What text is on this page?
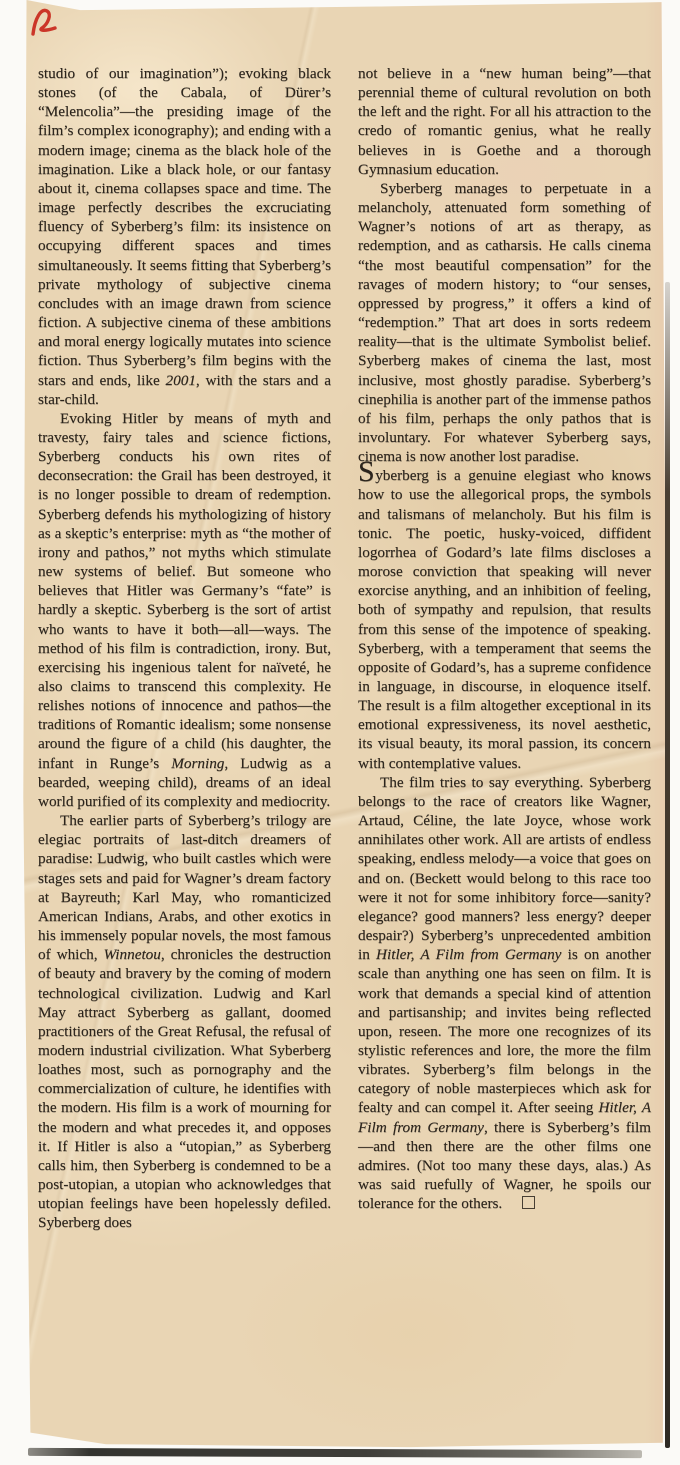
studio of our imagination”); evoking black stones (of the Cabala, of Dürer’s “Melencolia”—the presiding image of the film’s complex iconography); and ending with a modern image; cinema as the black hole of the imagination. Like a black hole, or our fantasy about it, cinema collapses space and time. The image perfectly describes the excruciating fluency of Syberberg’s film: its insistence on occupying different spaces and times simultaneously. It seems fitting that Syberberg’s private mythology of subjective cinema concludes with an image drawn from science fiction. A subjective cinema of these ambitions and moral energy logically mutates into science fiction. Thus Syberberg’s film begins with the stars and ends, like 2001, with the stars and a star-child.

Evoking Hitler by means of myth and travesty, fairy tales and science fictions, Syberberg conducts his own rites of deconsecration: the Grail has been destroyed, it is no longer possible to dream of redemption. Syberberg defends his mythologizing of history as a skeptic’s enterprise: myth as “the mother of irony and pathos,” not myths which stimulate new systems of belief. But someone who believes that Hitler was Germany’s “fate” is hardly a skeptic. Syberberg is the sort of artist who wants to have it both—all—ways. The method of his film is contradiction, irony. But, exercising his ingenious talent for naïveté, he also claims to transcend this complexity. He relishes notions of innocence and pathos—the traditions of Romantic idealism; some nonsense around the figure of a child (his daughter, the infant in Runge’s Morning, Ludwig as a bearded, weeping child), dreams of an ideal world purified of its complexity and mediocrity.

The earlier parts of Syberberg’s trilogy are elegiac portraits of last-ditch dreamers of paradise: Ludwig, who built castles which were stages sets and paid for Wagner’s dream factory at Bayreuth; Karl May, who romanticized American Indians, Arabs, and other exotics in his immensely popular novels, the most famous of which, Winnetou, chronicles the destruction of beauty and bravery by the coming of modern technological civilization. Ludwig and Karl May attract Syberberg as gallant, doomed practitioners of the Great Refusal, the refusal of modern industrial civilization. What Syberberg loathes most, such as pornography and the commercialization of culture, he identifies with the modern. His film is a work of mourning for the modern and what precedes it, and opposes it. If Hitler is also a “utopian,” as Syberberg calls him, then Syberberg is condemned to be a post-utopian, a utopian who acknowledges that utopian feelings have been hopelessly defiled. Syberberg does

not believe in a “new human being”—that perennial theme of cultural revolution on both the left and the right. For all his attraction to the credo of romantic genius, what he really believes in is Goethe and a thorough Gymnasium education.

Syberberg manages to perpetuate in a melancholy, attenuated form something of Wagner’s notions of art as therapy, as redemption, and as catharsis. He calls cinema “the most beautiful compensation” for the ravages of modern history; to “our senses, oppressed by progress,” it offers a kind of “redemption.” That art does in sorts redeem reality—that is the ultimate Symbolist belief. Syberberg makes of cinema the last, most inclusive, most ghostly paradise. Syberberg’s cinephilia is another part of the immense pathos of his film, perhaps the only pathos that is involuntary. For whatever Syberberg says, cinema is now another lost paradise.

Syberberg is a genuine elegiast who knows how to use the allegorical props, the symbols and talismans of melancholy. But his film is tonic. The poetic, husky-voiced, diffident logorrhea of Godard’s late films discloses a morose conviction that speaking will never exorcise anything, and an inhibition of feeling, both of sympathy and repulsion, that results from this sense of the impotence of speaking. Syberberg, with a temperament that seems the opposite of Godard’s, has a supreme confidence in language, in discourse, in eloquence itself. The result is a film altogether exceptional in its emotional expressiveness, its novel aesthetic, its visual beauty, its moral passion, its concern with contemplative values.

The film tries to say everything. Syberberg belongs to the race of creators like Wagner, Artaud, Céline, the late Joyce, whose work annihilates other work. All are artists of endless speaking, endless melody—a voice that goes on and on. (Beckett would belong to this race too were it not for some inhibitory force—sanity? elegance? good manners? less energy? deeper despair?) Syberberg’s unprecedented ambition in Hitler, A Film from Germany is on another scale than anything one has seen on film. It is work that demands a special kind of attention and partisanship; and invites being reflected upon, reseen. The more one recognizes of its stylistic references and lore, the more the film vibrates. Syberberg’s film belongs in the category of noble masterpieces which ask for fealty and can compel it. After seeing Hitler, A Film from Germany, there is Syberberg’s film—and then there are the other films one admires. (Not too many these days, alas.) As was said ruefully of Wagner, he spoils our tolerance for the others.
